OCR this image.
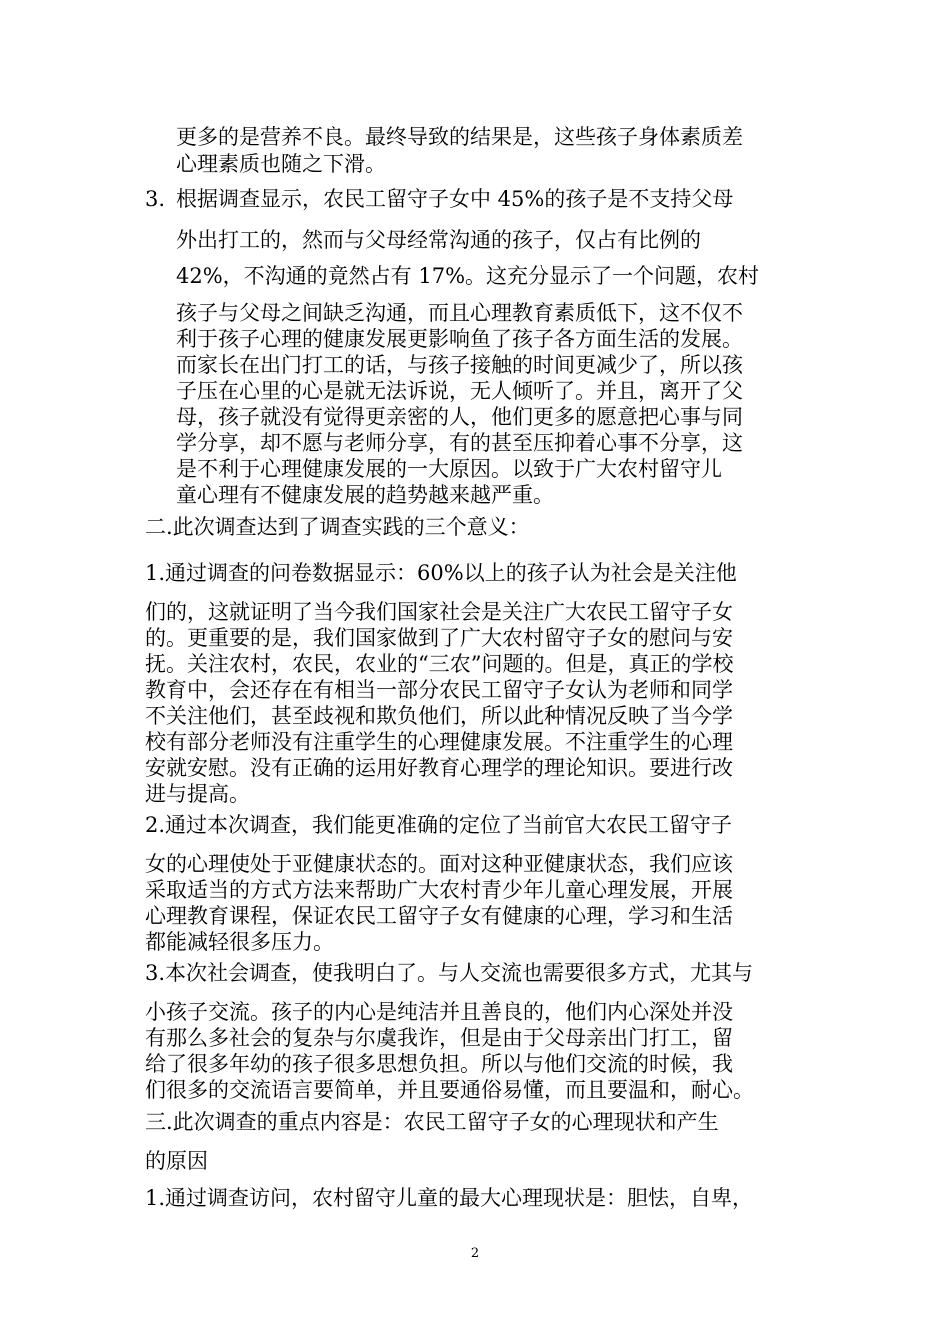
更多的是营养不良。最终导致的结果是，这些孩子身体素质差

心理素质也随之下滑。

3. 根据调查显示，农民工留守子女中 45%的孩子是不支持父母

外出打工的，然而与父母经常沟通的孩子，仅占有比例的

42%，不沟通的竟然占有 17%。这充分显示了一个问题，农村

孩子与父母之间缺乏沟通，而且心理教育素质低下，这不仅不

利于孩子心理的健康发展更影响鱼了孩子各方面生活的发展。

而家长在出门打工的话，与孩子接触的时间更减少了，所以孩

子压在心里的心是就无法诉说，无人倾听了。并且，离开了父

母，孩子就没有觉得更亲密的人，他们更多的愿意把心事与同

学分享，却不愿与老师分享，有的甚至压抑着心事不分享，这

是不利于心理健康发展的一大原因。以致于广大农村留守儿

童心理有不健康发展的趋势越来越严重。

二.此次调查达到了调查实践的三个意义：

1.通过调查的问卷数据显示：60%以上的孩子认为社会是关注他

们的，这就证明了当今我们国家社会是关注广大农民工留守子女

的。更重要的是，我们国家做到了广大农村留守子女的慰问与安

抚。关注农村，农民，农业的“三农”问题的。但是，真正的学校

教育中，会还存在有相当一部分农民工留守子女认为老师和同学

不关注他们，甚至歧视和欺负他们，所以此种情况反映了当今学

校有部分老师没有注重学生的心理健康发展。不注重学生的心理

安就安慰。没有正确的运用好教育心理学的理论知识。要进行改

进与提高。

2.通过本次调查，我们能更准确的定位了当前官大农民工留守子

女的心理使处于亚健康状态的。面对这种亚健康状态，我们应该

采取适当的方式方法来帮助广大农村青少年儿童心理发展，开展

心理教育课程，保证农民工留守子女有健康的心理，学习和生活

都能减轻很多压力。

3.本次社会调查，使我明白了。与人交流也需要很多方式，尤其与

小孩子交流。孩子的内心是纯洁并且善良的，他们内心深处并没

有那么多社会的复杂与尔虞我诈，但是由于父母亲出门打工，留

给了很多年幼的孩子很多思想负担。所以与他们交流的时候，我

们很多的交流语言要简单，并且要通俗易懂，而且要温和，耐心。

三.此次调查的重点内容是：农民工留守子女的心理现状和产生

的原因

1.通过调查访问，农村留守儿童的最大心理现状是：胆怯，自卑，

2
